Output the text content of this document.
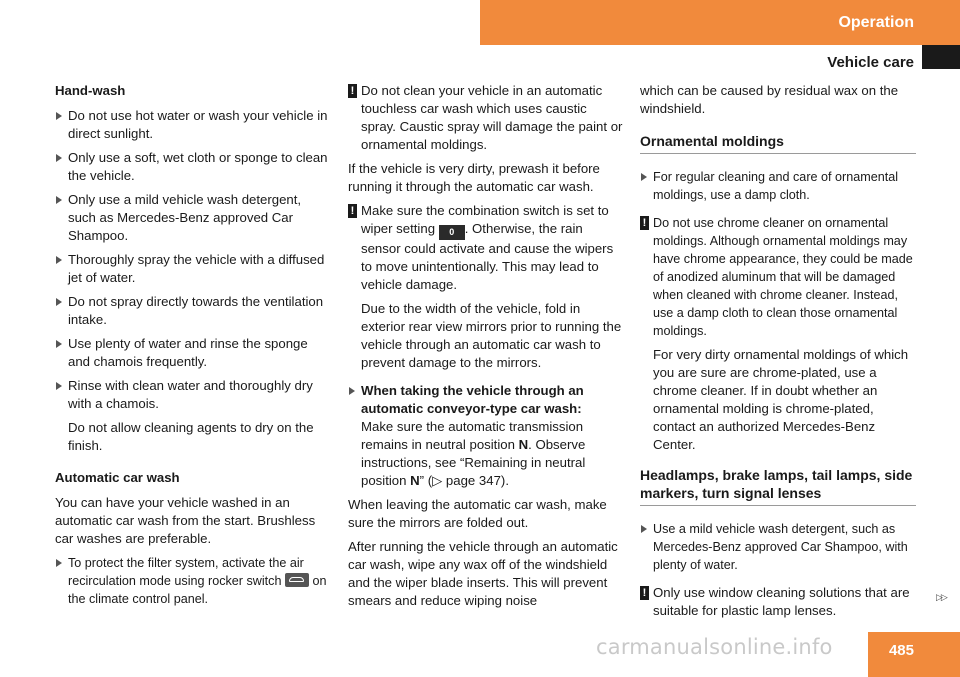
Operation
Vehicle care
Hand-wash
Do not use hot water or wash your vehicle in direct sunlight.
Only use a soft, wet cloth or sponge to clean the vehicle.
Only use a mild vehicle wash detergent, such as Mercedes-Benz approved Car Shampoo.
Thoroughly spray the vehicle with a diffused jet of water.
Do not spray directly towards the ventilation intake.
Use plenty of water and rinse the sponge and chamois frequently.
Rinse with clean water and thoroughly dry with a chamois.
Do not allow cleaning agents to dry on the finish.
Automatic car wash

You can have your vehicle washed in an automatic car wash from the start. Brushless car washes are preferable.

To protect the filter system, activate the air recirculation mode using rocker switch on the climate control panel.
! Do not clean your vehicle in an automatic touchless car wash which uses caustic spray. Caustic spray will damage the paint or ornamental moldings.

If the vehicle is very dirty, prewash it before running it through the automatic car wash.

! Make sure the combination switch is set to wiper setting 0 . Otherwise, the rain sensor could activate and cause the wipers to move unintentionally. This may lead to vehicle damage.
Due to the width of the vehicle, fold in exterior rear view mirrors prior to running the vehicle through an automatic car wash to prevent damage to the mirrors.
When taking the vehicle through an automatic conveyor-type car wash:
Make sure the automatic transmission remains in neutral position N. Observe instructions, see “Remaining in neutral position N” (▷ page 347).

When leaving the automatic car wash, make sure the mirrors are folded out.

After running the vehicle through an automatic car wash, wipe any wax off of the windshield and the wiper blade inserts. This will prevent smears and reduce wiping noise

which can be caused by residual wax on the windshield.

Ornamental moldings
For regular cleaning and care of ornamental moldings, use a damp cloth.
! Do not use chrome cleaner on ornamental moldings. Although ornamental moldings may have chrome appearance, they could be made of anodized aluminum that will be damaged when cleaned with chrome cleaner. Instead, use a damp cloth to clean those ornamental moldings.
For very dirty ornamental moldings of which you are sure are chrome-plated, use a chrome cleaner. If in doubt whether an ornamental molding is chrome-plated, contact an authorized Mercedes-Benz Center.
Headlamps, brake lamps, tail lamps, side markers, turn signal lenses
Use a mild vehicle wash detergent, such as Mercedes-Benz approved Car Shampoo, with plenty of water.
! Only use window cleaning solutions that are suitable for plastic lamp lenses.
▷▷
carmanualsonline.info	485
